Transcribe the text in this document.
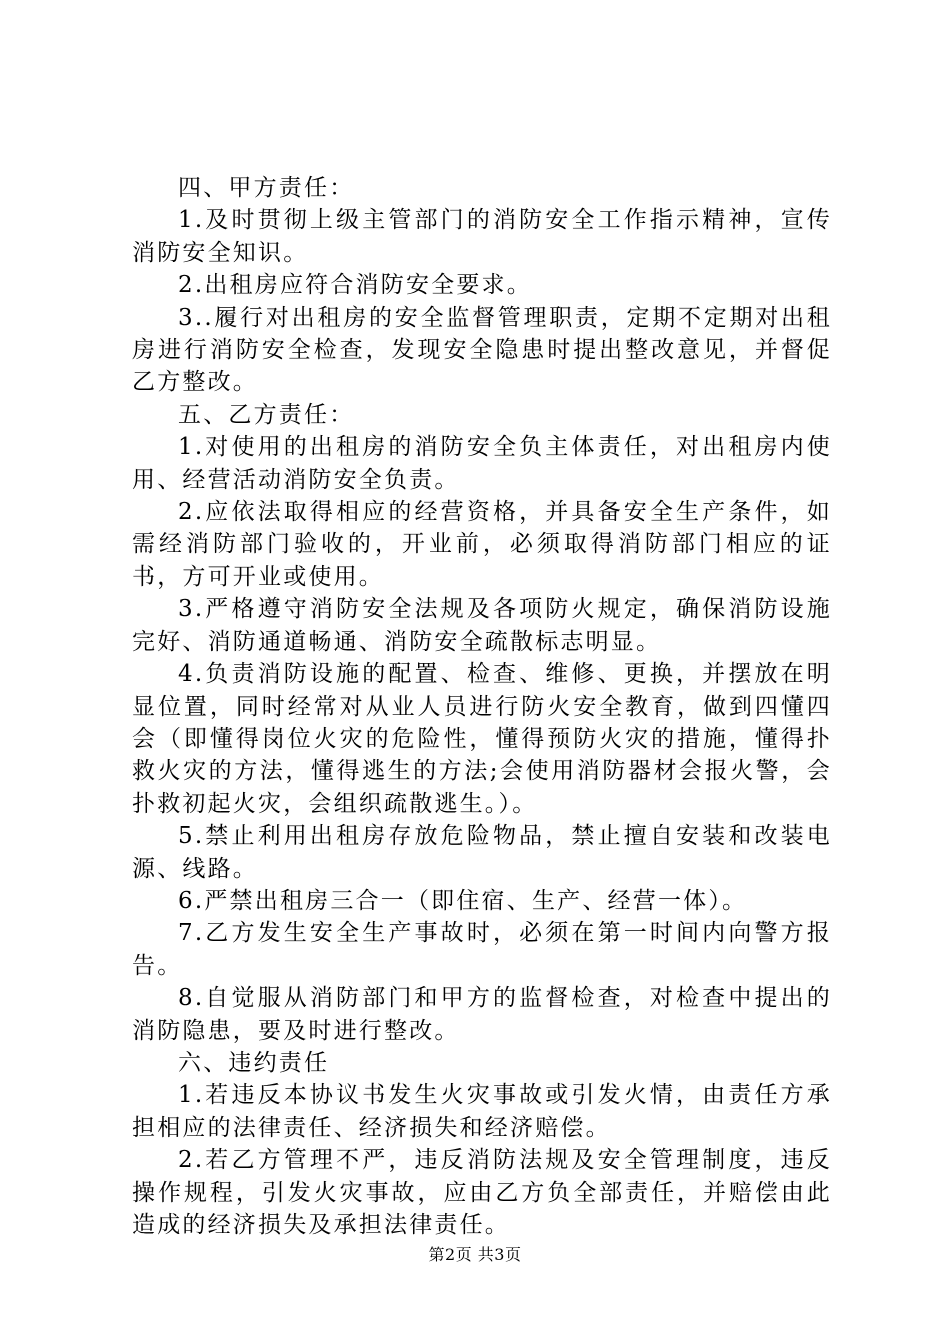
四、甲方责任：

1.及时贯彻上级主管部门的消防安全工作指示精神，宣传消防安全知识。

2.出租房应符合消防安全要求。

3..履行对出租房的安全监督管理职责，定期不定期对出租房进行消防安全检查，发现安全隐患时提出整改意见，并督促乙方整改。

五、乙方责任：

1.对使用的出租房的消防安全负主体责任，对出租房内使用、经营活动消防安全负责。

2.应依法取得相应的经营资格，并具备安全生产条件，如需经消防部门验收的，开业前，必须取得消防部门相应的证书，方可开业或使用。

3.严格遵守消防安全法规及各项防火规定，确保消防设施完好、消防通道畅通、消防安全疏散标志明显。

4.负责消防设施的配置、检查、维修、更换，并摆放在明显位置，同时经常对从业人员进行防火安全教育，做到四懂四会（即懂得岗位火灾的危险性，懂得预防火灾的措施，懂得扑救火灾的方法，懂得逃生的方法;会使用消防器材会报火警，会扑救初起火灾，会组织疏散逃生。）。

5.禁止利用出租房存放危险物品，禁止擅自安装和改装电源、线路。

6.严禁出租房三合一（即住宿、生产、经营一体）。

7.乙方发生安全生产事故时，必须在第一时间内向警方报告。

8.自觉服从消防部门和甲方的监督检查，对检查中提出的消防隐患，要及时进行整改。

六、违约责任

1.若违反本协议书发生火灾事故或引发火情，由责任方承担相应的法律责任、经济损失和经济赔偿。

2.若乙方管理不严，违反消防法规及安全管理制度，违反操作规程，引发火灾事故，应由乙方负全部责任，并赔偿由此造成的经济损失及承担法律责任。

第2页 共3页
